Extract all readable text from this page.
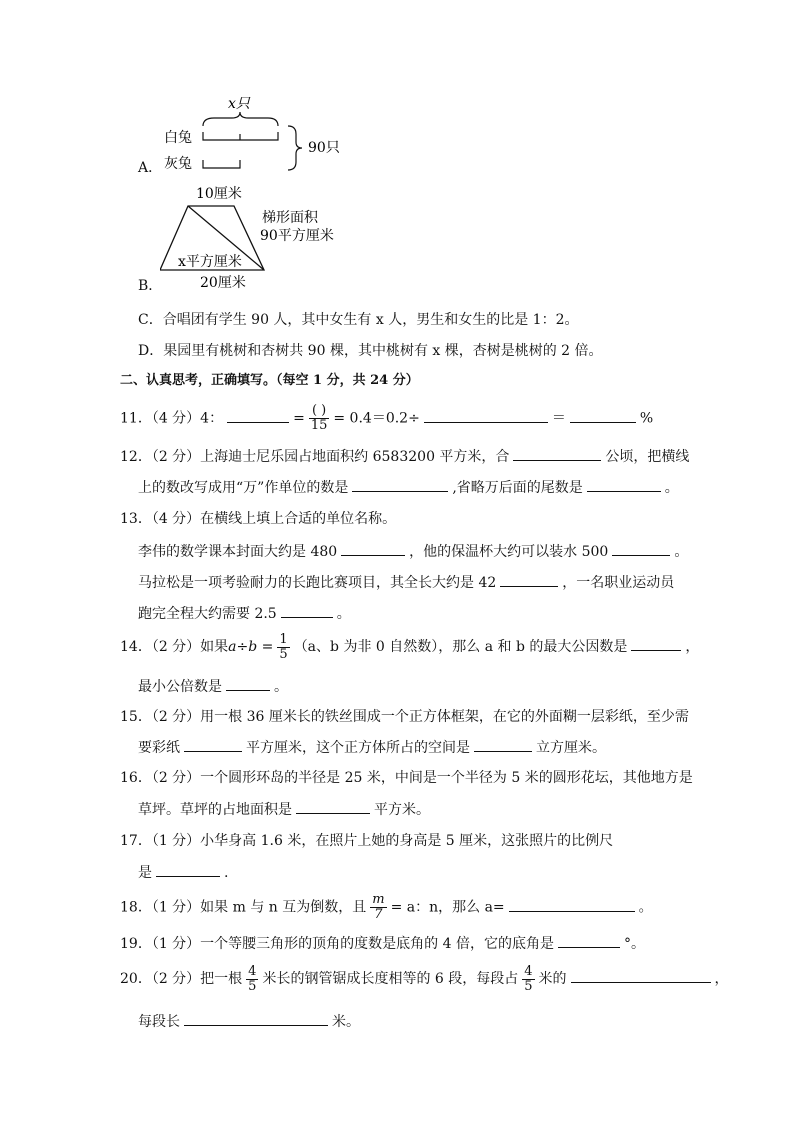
x只
白兔
灰兔
90只
A．
10厘米
梯形面积
90平方厘米
x平方厘米
20厘米
B．
C．合唱团有学生 90 人，其中女生有 x 人，男生和女生的比是 1：2。
D．果园里有桃树和杏树共 90 棵，其中桃树有 x 棵，杏树是桃树的 2 倍。
二、认真思考，正确填写。（每空 1 分，共 24 分）
11．（4 分）4：	= $\frac{( )}{15} = 0.4=0.2\div$	＝	%
12．（2 分）上海迪士尼乐园占地面积约 6583200 平方米，合	公顷，把横线
上的数改写成用“万”作单位的数是	,省略万后面的尾数是	。
13．（4 分）在横线上填上合适的单位名称。
李伟的数学课本封面大约是 480	，他的保温杯大约可以装水 500	。
马拉松是一项考验耐力的长跑比赛项目，其全长大约是 42	，一名职业运动员
跑完全程大约需要 2.5	。
14．（2 分）如果$a\div b = \frac{1}{5} (a$、b 为非 0 自然数），那么 a 和 b 的最大公因数是	，
最小公倍数是	。
15．（2 分）用一根 36 厘米长的铁丝围成一个正方体框架，在它的外面糊一层彩纸，至少需
要彩纸	平方厘米，这个正方体所占的空间是	立方厘米。
16．（2 分）一个圆形环岛的半径是 25 米，中间是一个半径为 5 米的圆形花坛，其他地方是
草坪。草坪的占地面积是	平方米。
17．（1 分）小华身高 1.6 米，在照片上她的身高是 5 厘米，这张照片的比例尺
是	.
18．（1 分）如果 m 与 n 互为倒数，且 $\frac{m}{7} = a$：n，那么 a=	。
19．（1 分）一个等腰三角形的顶角的度数是底角的 4 倍，它的底角是	°。
20．（2 分）把一根 $\frac{4}{5}$ 米长的钢管锯成长度相等的 6 段，每段占 $\frac{4}{5}$ 米的	，
每段长	米。
